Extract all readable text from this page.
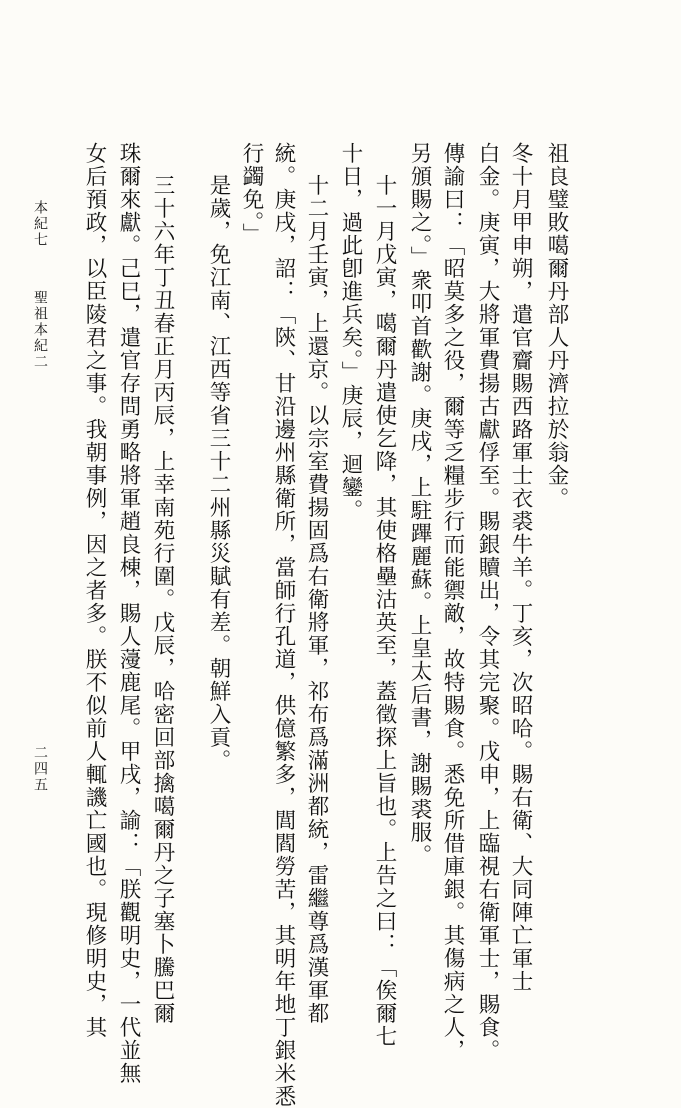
祖良璧敗噶爾丹部人丹濟拉於翁金。
冬十月甲申朔，遣官齎賜西路軍士衣裘牛羊。丁亥，次昭哈。賜右衛、大同陣亡軍士
白金。庚寅，大將軍費揚古獻俘至。賜銀贖出，令其完聚。戊申，上臨視右衛軍士，賜食。
傳諭曰：「昭莫多之役，爾等乏糧步行而能禦敵，故特賜食。悉免所借庫銀。其傷病之人，
另頒賜之。」衆叩首歡謝。庚戌，上駐蹕麗蘇。上皇太后書，謝賜裘服。
十一月戊寅，噶爾丹遣使乞降，其使格壘沽英至，蓋徵探上旨也。上告之曰：「俟爾七
十日，過此卽進兵矣。」庚辰，迴鑾。
十二月壬寅，上還京。以宗室費揚固爲右衛將軍，祁布爲滿洲都統，雷繼尊爲漢軍都
統。庚戌，詔：「陝、甘沿邊州縣衛所，當師行孔道，供億繁多，閭閻勞苦，其明年地丁銀米悉
行蠲免。」
是歲，免江南、江西等省三十二州縣災賦有差。朝鮮入貢。
三十六年丁丑春正月丙辰，上幸南苑行圍。戊辰，哈密回部擒噶爾丹之子塞卜騰巴爾
珠爾來獻。己巳，遣官存問勇略將軍趙良棟，賜人薓鹿尾。甲戌，諭：「朕觀明史，一代並無
女后預政，以臣陵君之事。我朝事例，因之者多。朕不似前人輒譏亡國也。現修明史，其
本紀七
聖祖本紀二
二四五
